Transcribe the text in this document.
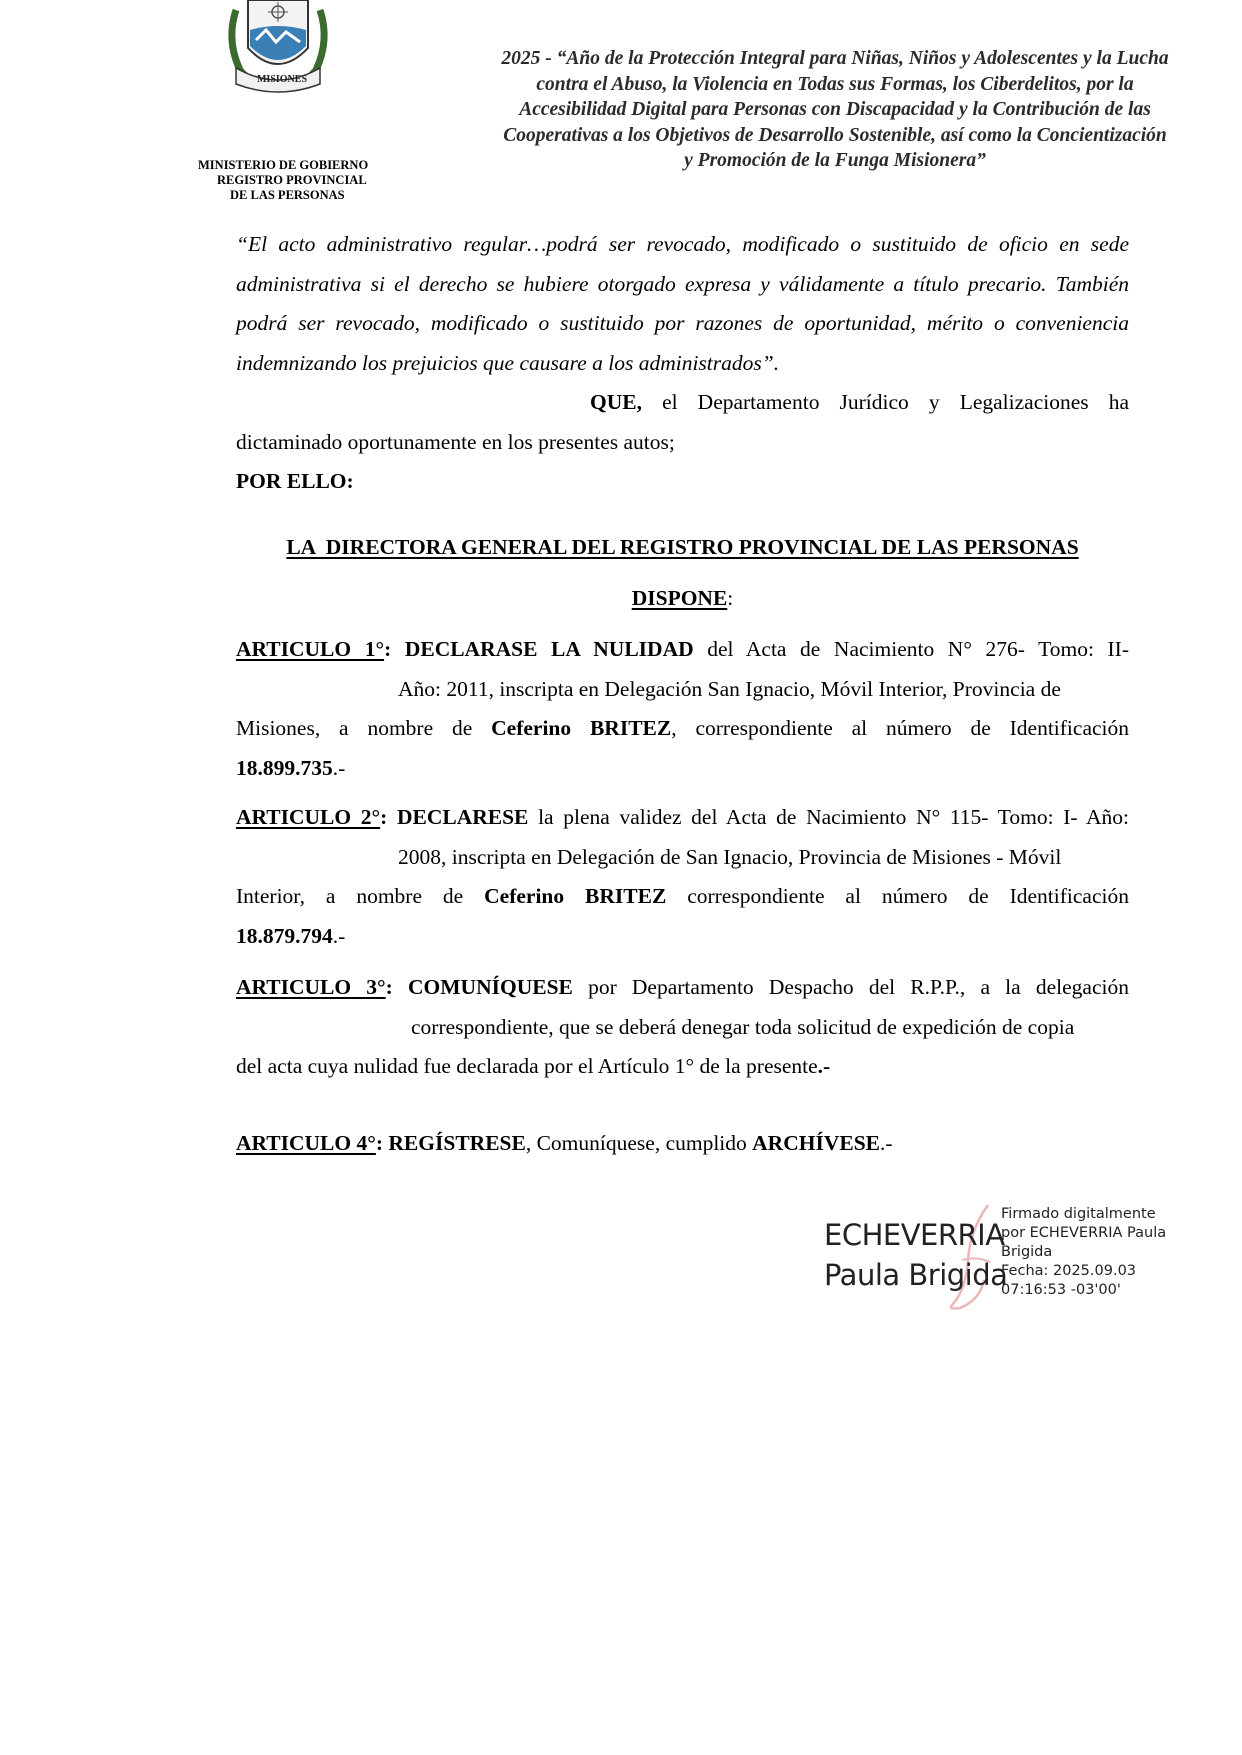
MISIONES
MINISTERIO DE GOBIERNO
REGISTRO PROVINCIAL
DE LAS PERSONAS
2025 - “Año de la Protección Integral para Niñas, Niños y Adolescentes y la Lucha
contra el Abuso, la Violencia en Todas sus Formas, los Ciberdelitos, por la
Accesibilidad Digital para Personas con Discapacidad y la Contribución de las
Cooperativas a los Objetivos de Desarrollo Sostenible, así como la Concientización
y Promoción de la Funga Misionera”
“El acto administrativo regular…podrá ser revocado, modificado o sustituido de oficio en sede administrativa si el derecho se hubiere otorgado expresa y válidamente a título precario. También podrá ser revocado, modificado o sustituido por razones de oportunidad, mérito o conveniencia indemnizando los prejuicios que causare a los administrados”.
QUE, el Departamento Jurídico y Legalizaciones ha
dictaminado oportunamente en los presentes autos;
POR ELLO:
LA  DIRECTORA GENERAL DEL REGISTRO PROVINCIAL DE LAS PERSONAS
DISPONE:
ARTICULO 1°: DECLARASE LA NULIDAD del Acta de Nacimiento N° 276- Tomo: II-
Año: 2011, inscripta en Delegación San Ignacio, Móvil Interior, Provincia de
Misiones, a nombre de Ceferino BRITEZ, correspondiente al número de Identificación
18.899.735.-
ARTICULO 2°: DECLARESE la plena validez del Acta de Nacimiento N° 115- Tomo: I- Año:
2008, inscripta en Delegación de San Ignacio, Provincia de Misiones - Móvil
Interior, a nombre de Ceferino BRITEZ correspondiente al número de Identificación
18.879.794.-
ARTICULO 3°: COMUNÍQUESE por Departamento Despacho del R.P.P., a la delegación
correspondiente, que se deberá denegar toda solicitud de expedición de copia
del acta cuya nulidad fue declarada por el Artículo 1° de la presente.-
ARTICULO 4°: REGÍSTRESE, Comuníquese, cumplido ARCHÍVESE.-
ECHEVERRIA
Paula Brigida
Firmado digitalmente
por ECHEVERRIA Paula
Brigida
Fecha: 2025.09.03
07:16:53 -03'00'
